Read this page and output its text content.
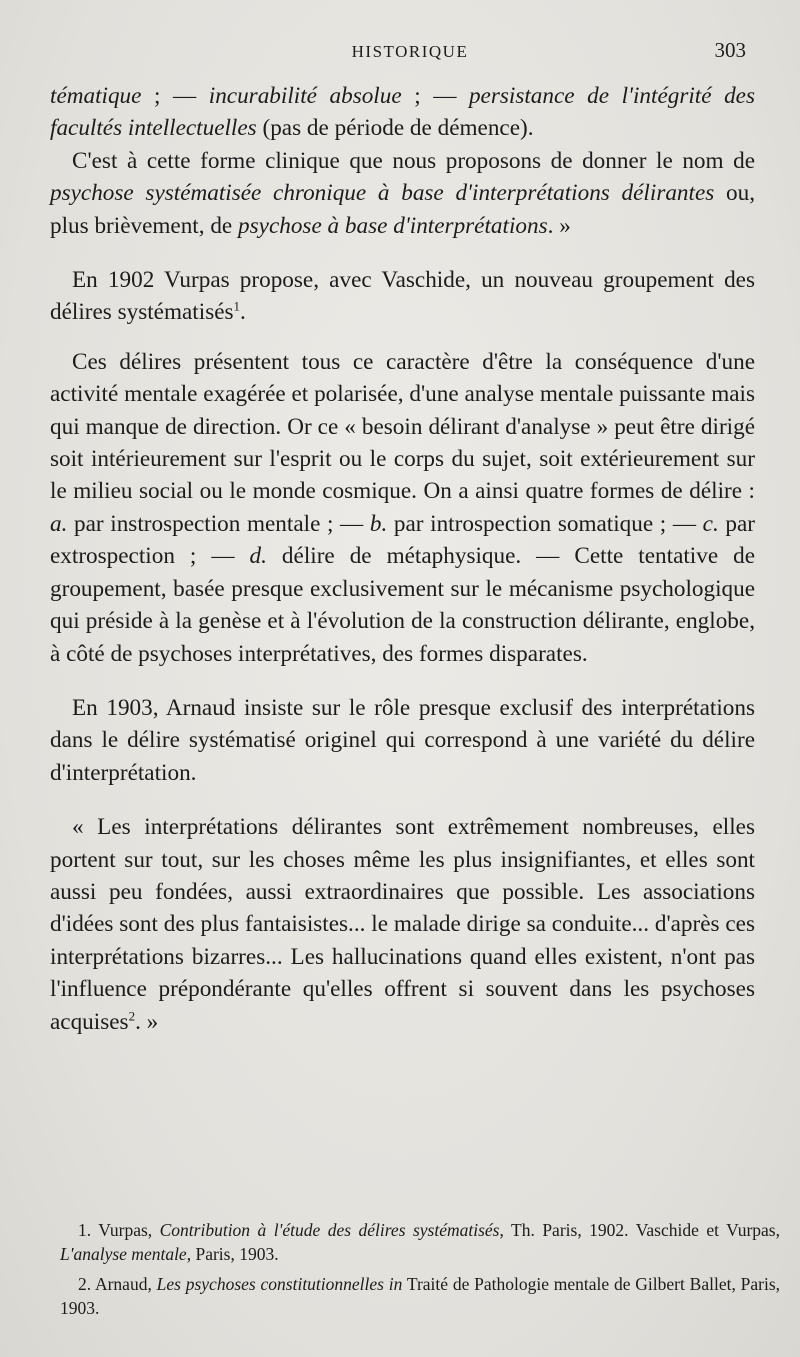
HISTORIQUE	303

tématique ; — incurabilité absolue ; — persistance de l'intégrité des facultés intellectuelles (pas de période de démence).

C'est à cette forme clinique que nous proposons de donner le nom de psychose systématisée chronique à base d'interprétations délirantes ou, plus brièvement, de psychose à base d'interprétations. »

En 1902 Vurpas propose, avec Vaschide, un nouveau groupement des délires systématisés$^1$.

Ces délires présentent tous ce caractère d'être la conséquence d'une activité mentale exagérée et polarisée, d'une analyse mentale puissante mais qui manque de direction. Or ce « besoin délirant d'analyse » peut être dirigé soit intérieurement sur l'esprit ou le corps du sujet, soit extérieurement sur le milieu social ou le monde cosmique. On a ainsi quatre formes de délire : a. par instrospection mentale ; — b. par introspection somatique ; — c. par extrospection ; — d. délire de métaphysique. — Cette tentative de groupement, basée presque exclusivement sur le mécanisme psychologique qui préside à la genèse et à l'évolution de la construction délirante, englobe, à côté de psychoses interprétatives, des formes disparates.

En 1903, Arnaud insiste sur le rôle presque exclusif des interprétations dans le délire systématisé originel qui correspond à une variété du délire d'interprétation.

« Les interprétations délirantes sont extrêmement nombreuses, elles portent sur tout, sur les choses même les plus insignifiantes, et elles sont aussi peu fondées, aussi extraordinaires que possible. Les associations d'idées sont des plus fantaisistes... le malade dirige sa conduite... d'après ces interprétations bizarres... Les hallucinations quand elles existent, n'ont pas l'influence prépondérante qu'elles offrent si souvent dans les psychoses acquises$^2$. »

1. Vurpas, Contribution à l'étude des délires systématisés, Th. Paris, 1902. Vaschide et Vurpas, L'analyse mentale, Paris, 1903.

2. Arnaud, Les psychoses constitutionnelles in Traité de Pathologie mentale de Gilbert Ballet, Paris, 1903.
